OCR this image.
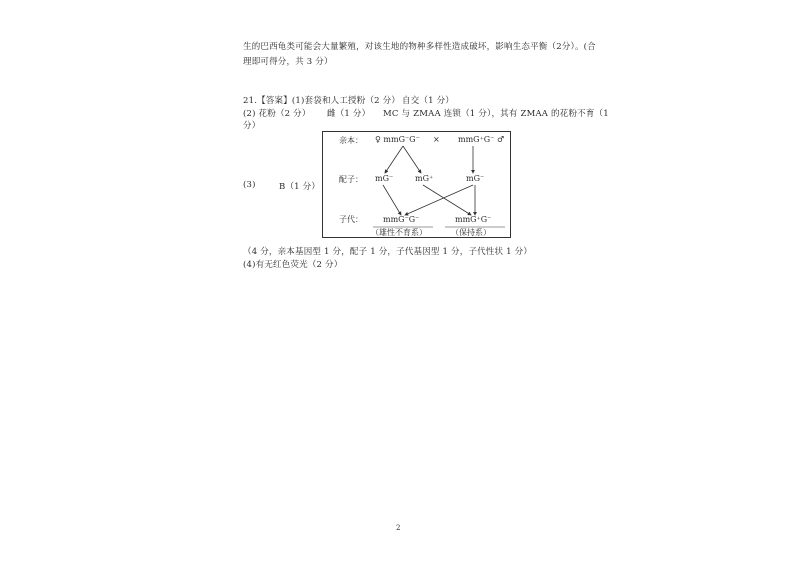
生的巴西龟类可能会大量繁殖，对该生地的物种多样性造成破坏，影响生态平衡（2分）。(合
理即可得分，共 3 分）
21.【答案】(1)套袋和人工授粉（2 分） 自交（1 分）
(2) 花粉（2 分） 雌（1 分） MC 与 ZMAA 连锁（1 分），其有 ZMAA 的花粉不育（1
分）
(3)	B（1 分）
亲本：
配子：
子代：
♀ mmG⁻G⁻ × mmG⁺G⁻ ♂
mG⁻	mG⁺	mG⁻
mmG⁻G⁻	mmG⁺G⁻
（雄性不育系）	（保持系）
（4 分，亲本基因型 1 分，配子 1 分，子代基因型 1 分，子代性状 1 分）
(4)有无红色荧光（2 分）
2
